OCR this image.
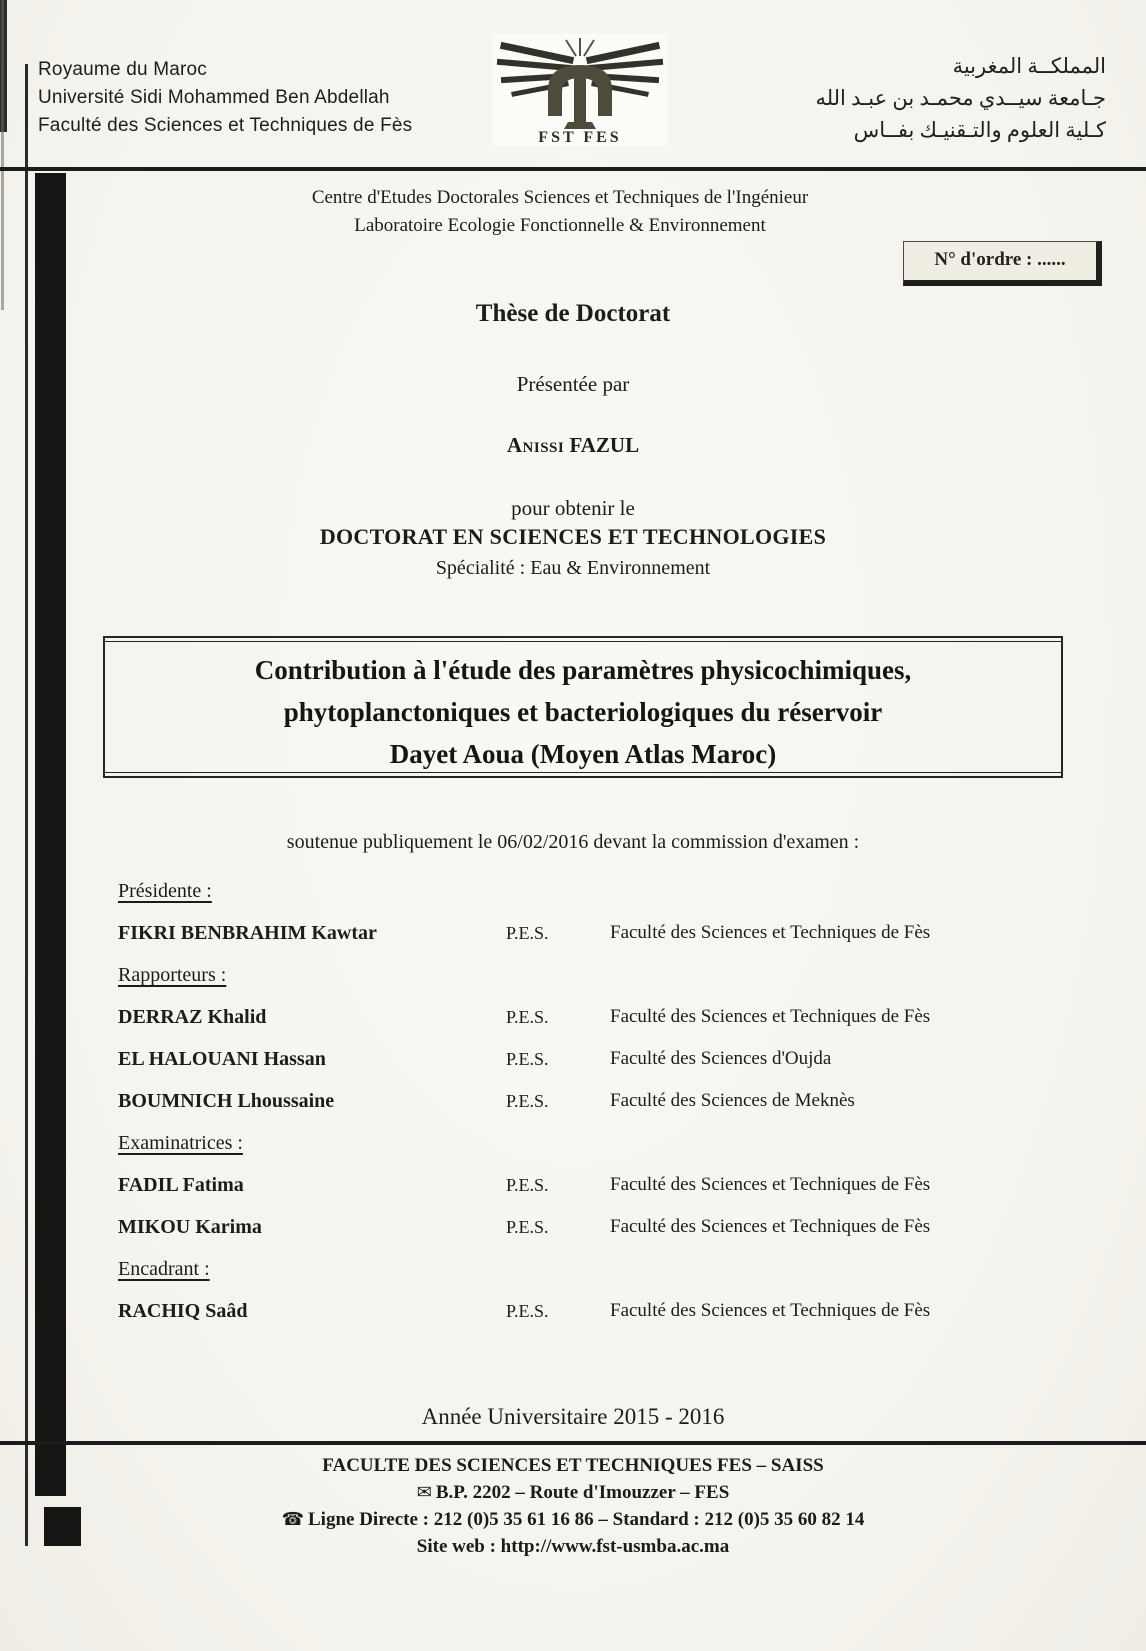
Royaume du Maroc
Université Sidi Mohammed Ben Abdellah
Faculté des Sciences et Techniques de Fès
FST FES
المملكــة المغربية
جـامعة سيــدي محمـد بن عبـد الله
كـلية العلوم والتـقنيـك بفــاس
Centre d'Etudes Doctorales Sciences et Techniques de l'Ingénieur
Laboratoire Ecologie Fonctionnelle & Environnement
N° d'ordre : ......
Thèse de Doctorat
Présentée par
Anissi FAZUL
pour obtenir le
DOCTORAT EN SCIENCES ET TECHNOLOGIES
Spécialité : Eau & Environnement
Contribution à l'étude des paramètres physicochimiques,
phytoplanctoniques et bacteriologiques du réservoir
Dayet Aoua (Moyen Atlas Maroc)
soutenue publiquement le 06/02/2016 devant la commission d'examen :
Présidente :
FIKRI BENBRAHIM Kawtar	P.E.S.	Faculté des Sciences et Techniques de Fès
Rapporteurs :
DERRAZ Khalid	P.E.S.	Faculté des Sciences et Techniques de Fès
EL HALOUANI Hassan	P.E.S.	Faculté des Sciences d'Oujda
BOUMNICH Lhoussaine	P.E.S.	Faculté des Sciences de Meknès
Examinatrices :
FADIL Fatima	P.E.S.	Faculté des Sciences et Techniques de Fès
MIKOU Karima	P.E.S.	Faculté des Sciences et Techniques de Fès
Encadrant :
RACHIQ Saâd	P.E.S.	Faculté des Sciences et Techniques de Fès
Année Universitaire 2015 - 2016
FACULTE DES SCIENCES ET TECHNIQUES FES – SAISS
✉ B.P. 2202 – Route d'Imouzzer – FES
☎ Ligne Directe : 212 (0)5 35 61 16 86 – Standard : 212 (0)5 35 60 82 14
Site web : http://www.fst-usmba.ac.ma
